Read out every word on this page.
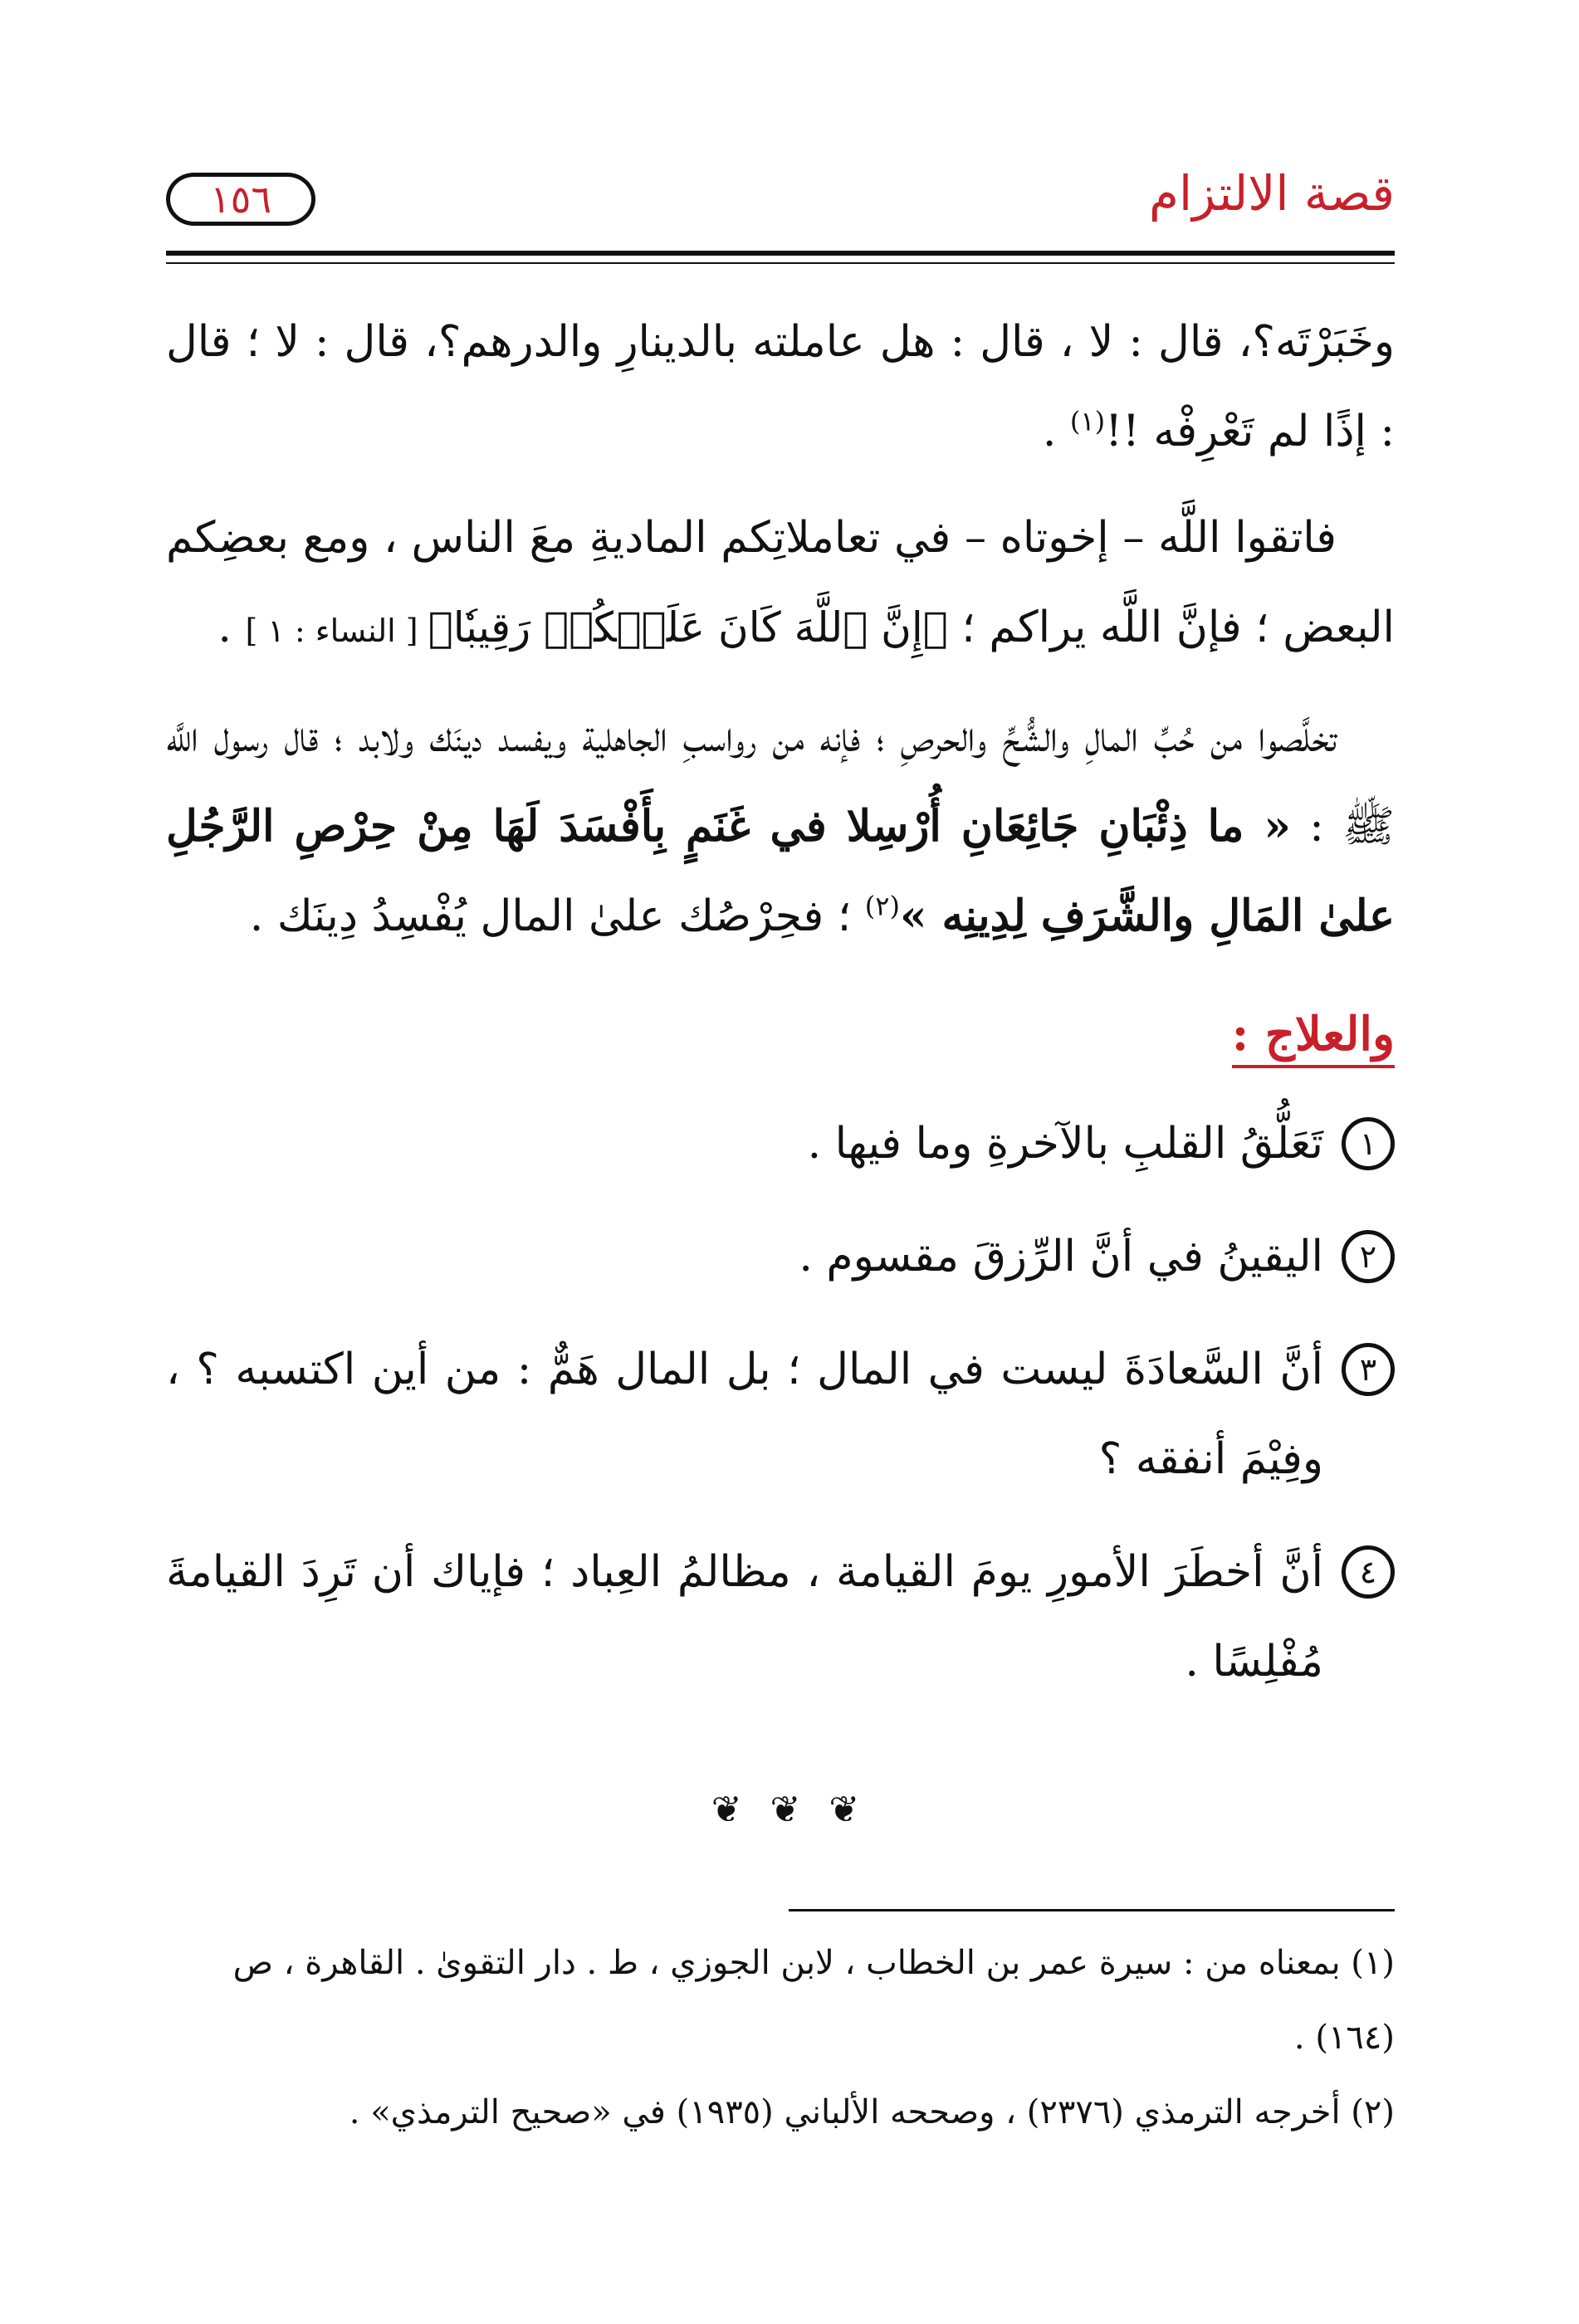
قصة الالتزام
١٥٦

وخَبَرْتَه؟، قال : لا ، قال : هل عاملته بالدينارِ والدرهم؟، قال : لا ؛ قال : إذًا لم تَعْرِفْه !!$^{(١)}$ .

فاتقوا اللَّه – إخوتاه – في تعاملاتِكم الماديةِ معَ الناس ، ومع بعضِكم البعض ؛ فإنَّ اللَّه يراكم ؛ ﴿إِنَّ ٱللَّهَ كَانَ عَلَيۡكُمۡ رَقِيبٗا﴾ [ النساء : ١ ] .

تخلَّصوا من حُبِّ المالِ والشُّحِّ والحرصِ ؛ فإنه من رواسبِ الجاهلية ويفسد دينَك ولابد ؛ قال رسول اللَّه ﷺ : « ما ذِئْبَانِ جَائِعَانِ أُرْسِلا في غَنَمٍ بِأَفْسَدَ لَهَا مِنْ حِرْصِ الرَّجُلِ علىٰ المَالِ والشَّرَفِ لِدِينِه »$^{(٢)}$ ؛ فحِرْصُك علىٰ المال يُفْسِدُ دِينَك .

والعلاج :
١
تَعَلُّقُ القلبِ بالآخرةِ وما فيها .
٢
اليقينُ في أنَّ الرِّزقَ مقسوم .
٣
أنَّ السَّعادَةَ ليست في المال ؛ بل المال هَمٌّ : من أين اكتسبه ؟ ، وفِيْمَ أنفقه ؟
٤
أنَّ أخطَرَ الأمورِ يومَ القيامة ، مظالمُ العِباد ؛ فإياك أن تَرِدَ القيامةَ مُفْلِسًا .
❦ ❦ ❦

(١) بمعناه من : سيرة عمر بن الخطاب ، لابن الجوزي ، ط . دار التقوىٰ . القاهرة ، ص (١٦٤) .

(٢) أخرجه الترمذي (٢٣٧٦) ، وصححه الألباني (١٩٣٥) في «صحيح الترمذي» .
